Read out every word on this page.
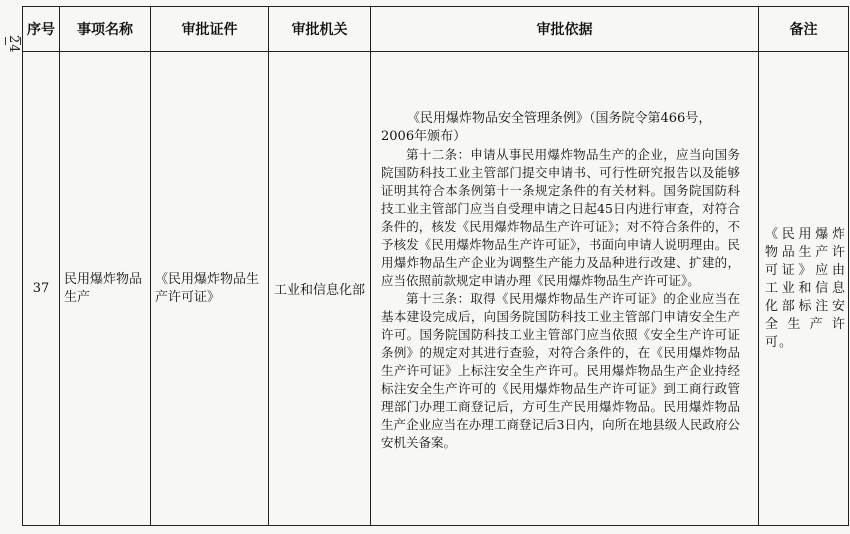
24
序号	事项名称	审批证件	审批机关	审批依据	备注
37	民用爆炸物品生产	《民用爆炸物品生产许可证》	工业和信息化部	《民用爆炸物品安全管理条例》（国务院令第466号，2006年颁布）

第十二条：申请从事民用爆炸物品生产的企业，应当向国务院国防科技工业主管部门提交申请书、可行性研究报告以及能够证明其符合本条例第十一条规定条件的有关材料。国务院国防科技工业主管部门应当自受理申请之日起45日内进行审查，对符合条件的，核发《民用爆炸物品生产许可证》；对不符合条件的，不予核发《民用爆炸物品生产许可证》，书面向申请人说明理由。民用爆炸物品生产企业为调整生产能力及品种进行改建、扩建的，应当依照前款规定申请办理《民用爆炸物品生产许可证》。

第十三条：取得《民用爆炸物品生产许可证》的企业应当在基本建设完成后，向国务院国防科技工业主管部门申请安全生产许可。国务院国防科技工业主管部门应当依照《安全生产许可证条例》的规定对其进行查验，对符合条件的，在《民用爆炸物品生产许可证》上标注安全生产许可。民用爆炸物品生产企业持经标注安全生产许可的《民用爆炸物品生产许可证》到工商行政管理部门办理工商登记后，方可生产民用爆炸物品。民用爆炸物品生产企业应当在办理工商登记后3日内，向所在地县级人民政府公安机关备案。	《民用爆炸物品生产许可证》应由工业和信息化部标注安全生产许可。
